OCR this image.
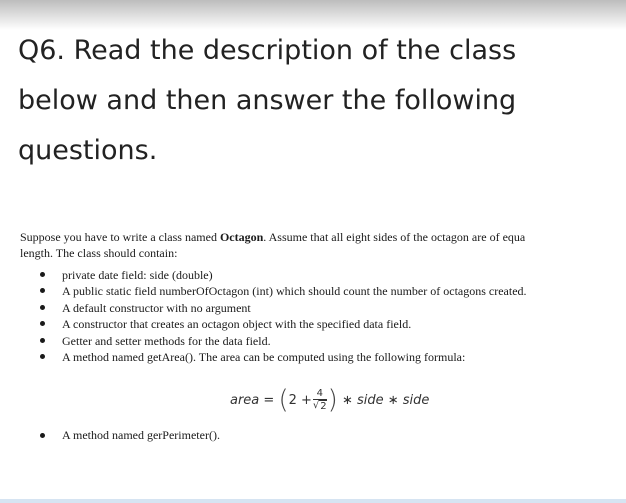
Q6. Read the description of the class
below and then answer the following
questions.

Suppose you have to write a class named Octagon. Assume that all eight sides of the octagon are of equa
length. The class should contain:

private date field: side (double)
A public static field numberOfOctagon (int) which should count the number of octagons created.
A default constructor with no argument
A constructor that creates an octagon object with the specified data field.
Getter and setter methods for the data field.
A method named getArea(). The area can be computed using the following formula:
area
=
( $2 + \frac{4}{√ 2}$ )
∗ side ∗ side
A method named gerPerimeter().
